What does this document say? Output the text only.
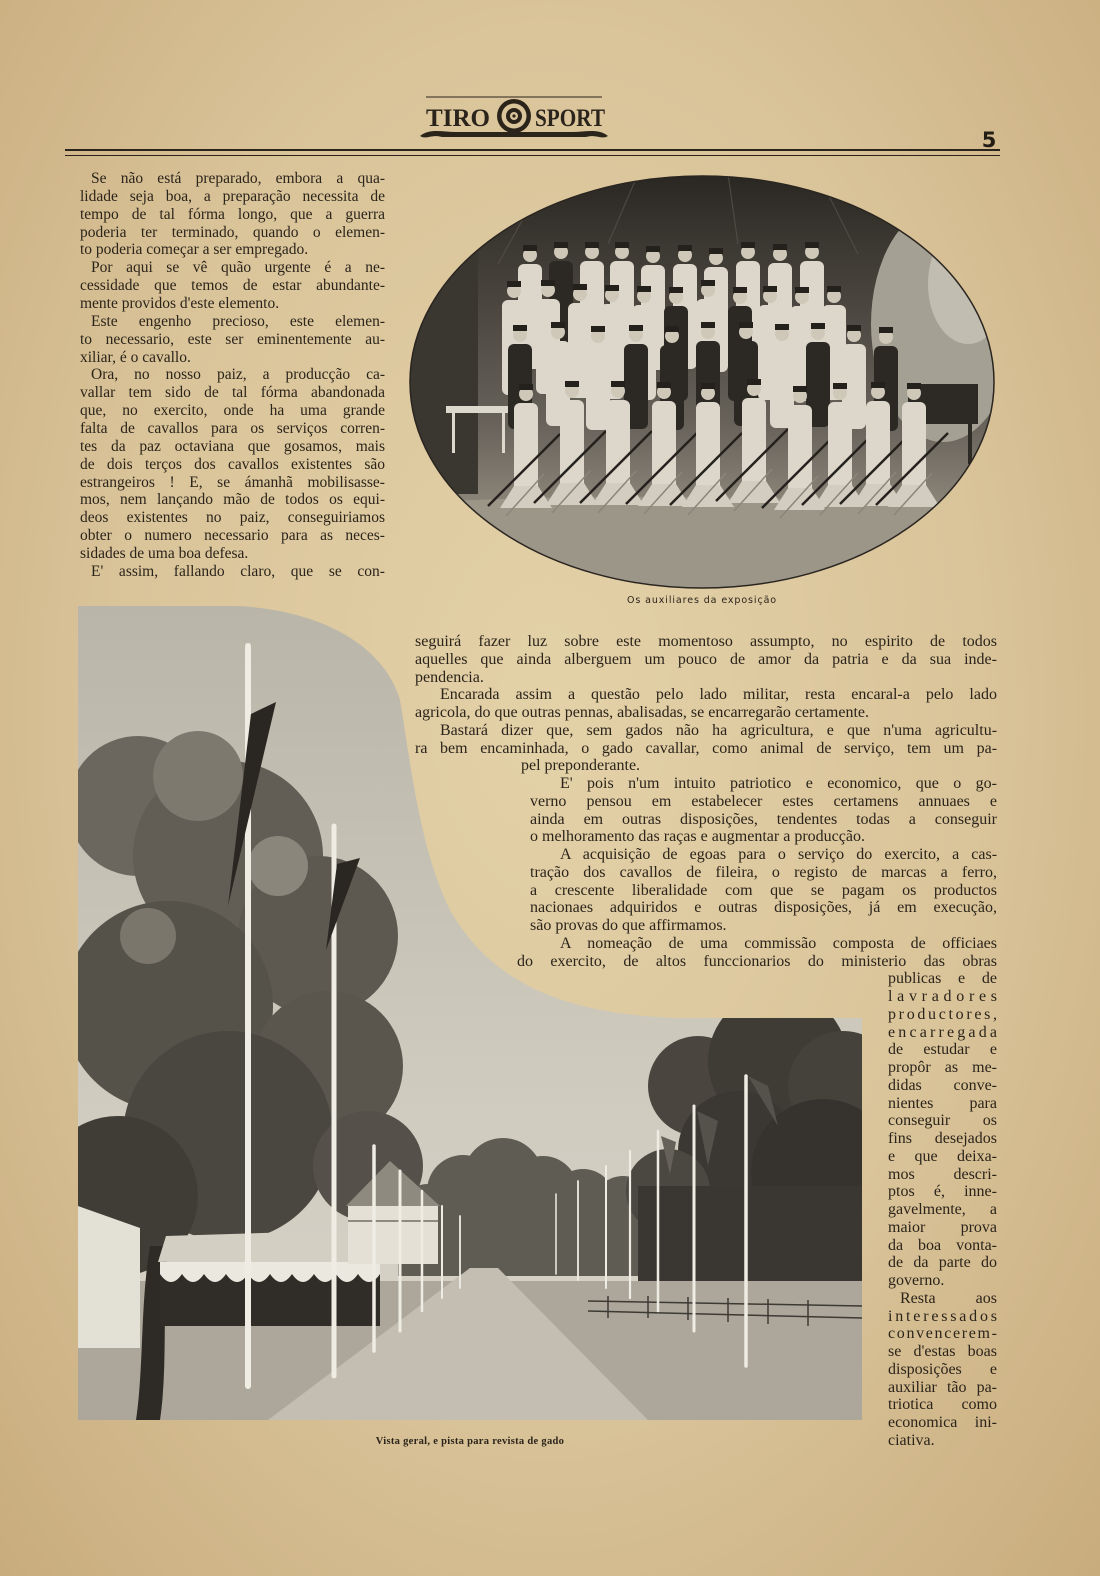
TIRO SPORT
5
Se não está preparado, embora a qua-
lidade seja boa, a preparação necessita de
tempo de tal fórma longo, que a guerra
poderia ter terminado, quando o elemen-
to poderia começar a ser empregado.
Por aqui se vê quão urgente é a ne-
cessidade que temos de estar abundante-
mente providos d'este elemento.
Este engenho precioso, este elemen-
to necessario, este ser eminentemente au-
xiliar, é o cavallo.
Ora, no nosso paiz, a producção ca-
vallar tem sido de tal fórma abandonada
que, no exercito, onde ha uma grande
falta de cavallos para os serviços corren-
tes da paz octaviana que gosamos, mais
de dois terços dos cavallos existentes são
estrangeiros ! E, se ámanhã mobilisasse-
mos, nem lançando mão de todos os equi-
deos existentes no paiz, conseguiriamos
obter o numero necessario para as neces-
sidades de uma boa defesa.
E' assim, fallando claro, que se con-
seguirá fazer luz sobre este momentoso assumpto, no espirito de todos
aquelles que ainda alberguem um pouco de amor da patria e da sua inde-
pendencia.
Encarada assim a questão pelo lado militar, resta encaral-a pelo lado
agricola, do que outras pennas, abalisadas, se encarregarão certamente.
Bastará dizer que, sem gados não ha agricultura, e que n'uma agricultu-
ra bem encaminhada, o gado cavallar, como animal de serviço, tem um pa-
pel preponderante.
E' pois n'um intuito patriotico e economico, que o go-
verno pensou em estabelecer estes certamens annuaes e
ainda em outras disposições, tendentes todas a conseguir
o melhoramento das raças e augmentar a producção.
A acquisição de egoas para o serviço do exercito, a cas-
tração dos cavallos de fileira, o registo de marcas a ferro,
a crescente liberalidade com que se pagam os productos
nacionaes adquiridos e outras disposições, já em execução,
são provas do que affirmamos.
A nomeação de uma commissão composta de officiaes
do exercito, de altos funccionarios do ministerio das obras
publicas e de
lavradores
productores,
encarregada
de estudar e
propôr as me-
didas conve-
nientes para
conseguir os
fins desejados
e que deixa-
mos descri-
ptos é, inne-
gavelmente, a
maior prova
da boa vonta-
de da parte do
governo.
Resta aos
interessados
convencerem-
se d'estas boas
disposições e
auxiliar tão pa-
triotica como
economica ini-
ciativa.
Os auxiliares da exposição
Vista geral, e pista para revista de gado
